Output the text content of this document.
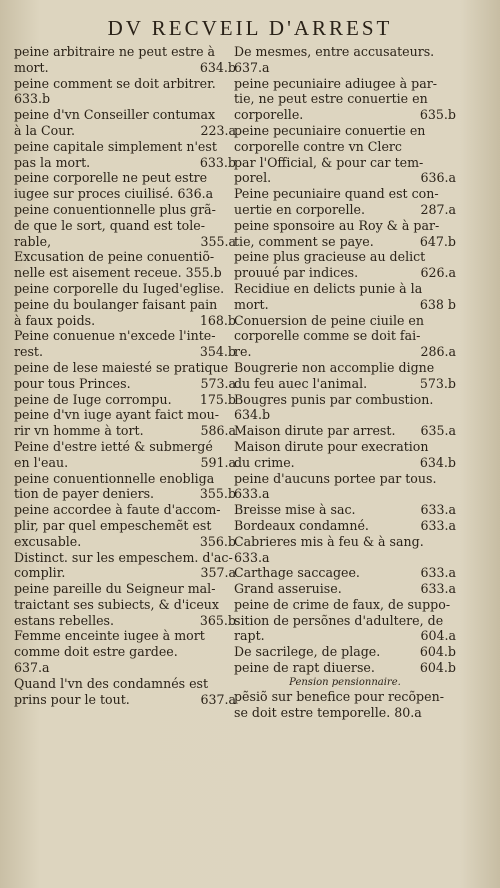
DV RECVEIL D'ARREST
peine arbitraire ne peut estre à
mort.	634.b
peine comment se doit arbitrer.
633.b
peine d'vn Conseiller contumax
à la Cour.	223.a
peine capitale simplement n'est
pas la mort.	633.b
peine corporelle ne peut estre
iugee sur proces ciuilisé. 636.a
peine conuentionnelle plus grã-
de que le sort, quand est tole-
rable,	355.a
Excusation de peine conuentiõ-
nelle est aisement receue. 355.b
peine corporelle du Iuged'eglise.
peine du boulanger faisant pain
à faux poids.	168.b
Peine conuenue n'excede l'inte-
rest.	354.b
peine de lese maiesté se pratique
pour tous Princes.	573.a
peine de Iuge corrompu. 175.b
peine d'vn iuge ayant faict mou-
rir vn homme à tort.	586.a
Peine d'estre ietté & submergé
en l'eau.	591.a
peine conuentionnelle enobliga
tion de payer deniers.	355.b
peine accordee à faute d'accom-
plir, par quel empeschemẽt est
excusable.	356.b
Distinct. sur les empeschem. d'ac-
complir.	357.a
peine pareille du Seigneur mal-
traictant ses subiects, & d'iceux
estans rebelles.	365.b
Femme enceinte iugee à mort
comme doit estre gardee.
637.a
Quand l'vn des condamnés est
prins pour le tout.	637.a
De mesmes, entre accusateurs.
637.a
peine pecuniaire adiugee à par-
tie, ne peut estre conuertie en
corporelle.	635.b
peine pecuniaire conuertie en
corporelle contre vn Clerc
par l'Official, & pour car tem-
porel.	636.a
Peine pecuniaire quand est con-
uertie en corporelle.	287.a
peine sponsoire au Roy & à par-
tie, comment se paye.	647.b
peine plus gracieuse au delict
prouué par indices.	626.a
Recidiue en delicts punie à la
mort.	638 b
Conuersion de peine ciuile en
corporelle comme se doit fai-
re.	286.a
Bougrerie non accomplie digne
du feu auec l'animal.	573.b
Bougres punis par combustion.
634.b
Maison dirute par arrest. 635.a
Maison dirute pour execration
du crime.	634.b
peine d'aucuns portee par tous.
633.a
Breisse mise à sac.	633.a
Bordeaux condamné.	633.a
Cabrieres mis à feu & à sang.
633.a
Carthage saccagee.	633.a
Grand asseruise.	633.a
peine de crime de faux, de suppo-
sition de persõnes d'adultere, de
rapt.	604.a
De sacrilege, de plage.	604.b
peine de rapt diuerse.	604.b
Pension pensionnaire.
pẽsiõ sur benefice pour recõpen-
se doit estre temporelle. 80.a
